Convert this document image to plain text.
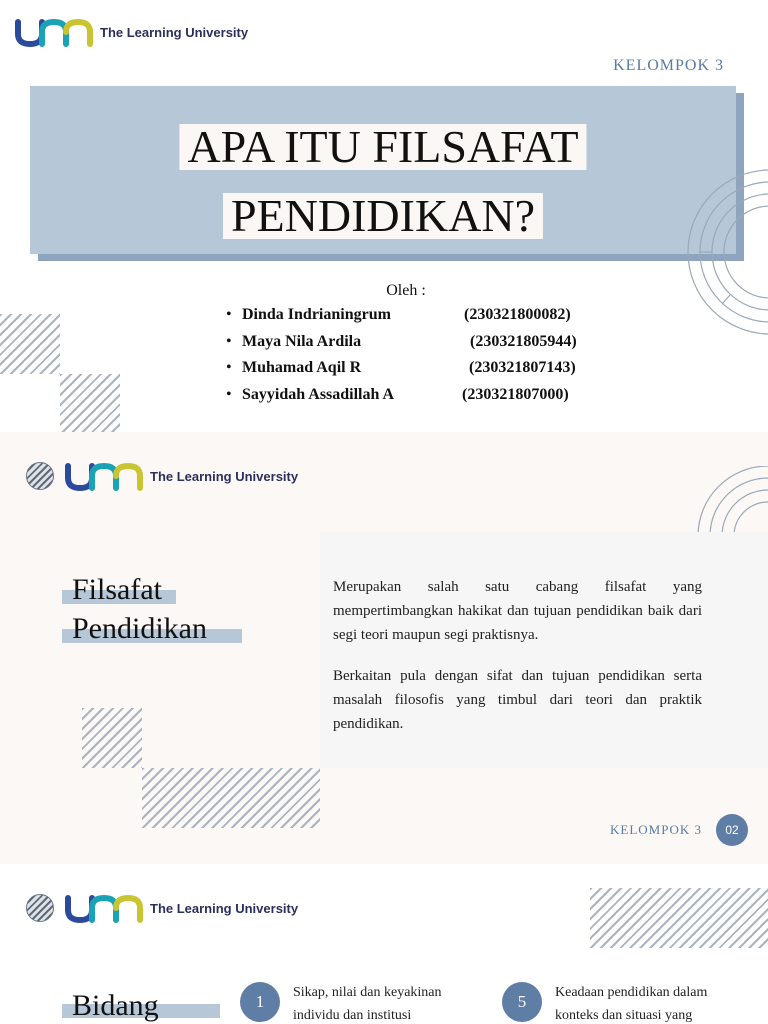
The Learning University
KELOMPOK 3
APA ITU FILSAFAT
PENDIDIKAN?
Oleh :
• Dinda Indrianingrum	(230321800082)
• Maya Nila Ardila	(230321805944)
• Muhamad Aqil R	(230321807143)
• Sayyidah Assadillah A	(230321807000)
The Learning University
Filsafat
Pendidikan
Merupakan salah satu cabang filsafat yang mempertimbangkan hakikat dan tujuan pendidikan baik dari segi teori maupun segi praktisnya.
Berkaitan pula dengan sifat dan tujuan pendidikan serta masalah filosofis yang timbul dari teori dan praktik pendidikan.
KELOMPOK 3	02
The Learning University
Bidang	1	Sikap, nilai dan keyakinan
individu dan institusi
5	Keadaan pendidikan dalam
konteks dan situasi yang
